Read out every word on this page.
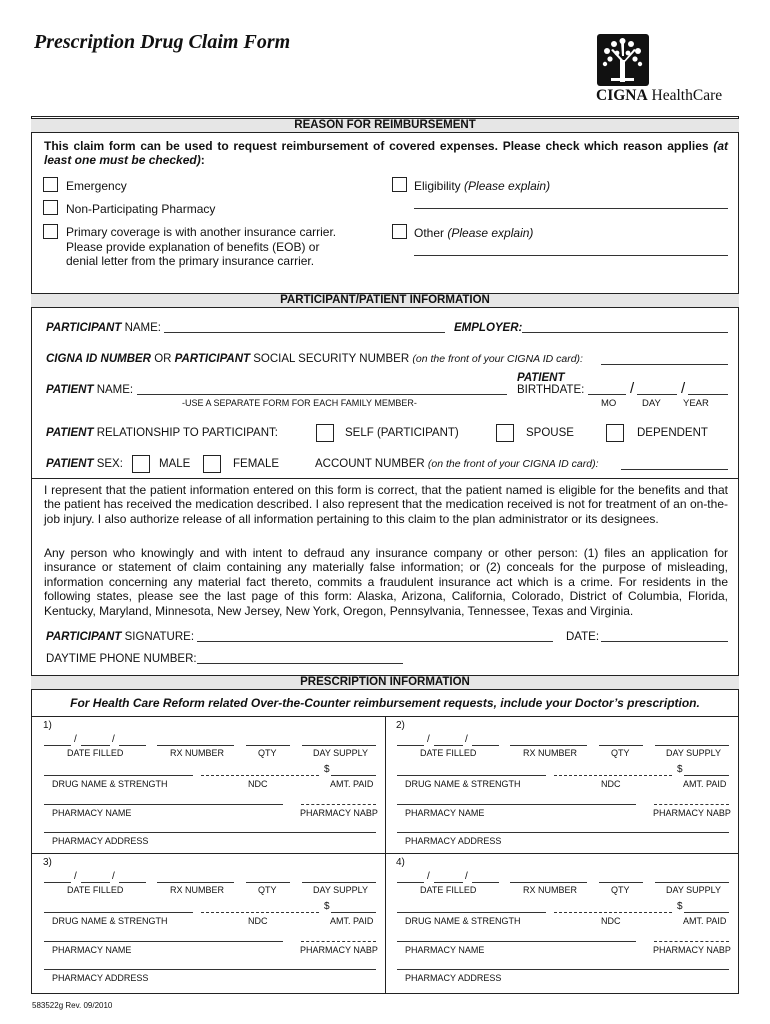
Prescription Drug Claim Form
CIGNA HealthCare
REASON FOR REIMBURSEMENT
This claim form can be used to request reimbursement of covered expenses. Please check which reason applies (at least one must be checked):
Emergency
Non-Participating Pharmacy
Primary coverage is with another insurance carrier. Please provide explanation of benefits (EOB) or denial letter from the primary insurance carrier.
Eligibility (Please explain)
Other (Please explain)
PARTICIPANT/PATIENT INFORMATION
PARTICIPANT NAME:	EMPLOYER:
CIGNA ID NUMBER OR PARTICIPANT SOCIAL SECURITY NUMBER (on the front of your CIGNA ID card):
PATIENT NAME:
-USE A SEPARATE FORM FOR EACH FAMILY MEMBER-
PATIENT
BIRTHDATE:	/	/
MO	DAY YEAR
PATIENT RELATIONSHIP TO PARTICIPANT:	SELF (PARTICIPANT)	SPOUSE	DEPENDENT
PATIENT SEX:	MALE	FEMALE	ACCOUNT NUMBER (on the front of your CIGNA ID card):
I represent that the patient information entered on this form is correct, that the patient named is eligible for the benefits and that the patient has received the medication described. I also represent that the medication received is not for treatment of an on-the-job injury. I also authorize release of all information pertaining to this claim to the plan administrator or its designees.
Any person who knowingly and with intent to defraud any insurance company or other person: (1) files an application for insurance or statement of claim containing any materially false information; or (2) conceals for the purpose of misleading, information concerning any material fact thereto, commits a fraudulent insurance act which is a crime. For residents in the following states, please see the last page of this form: Alaska, Arizona, California, Colorado, District of Columbia, Florida, Kentucky, Maryland, Minnesota, New Jersey, New York, Oregon, Pennsylvania, Tennessee, Texas and Virginia.
PARTICIPANT SIGNATURE:	DATE:
DAYTIME PHONE NUMBER:
PRESCRIPTION INFORMATION
For Health Care Reform related Over-the-Counter reimbursement requests, include your Doctor’s prescription.
1)
/	/
DATE FILLED	RX NUMBER	QTY	DAY SUPPLY
$
DRUG NAME & STRENGTH	NDC	AMT. PAID
PHARMACY NAME	PHARMACY NABP
PHARMACY ADDRESS
2)
/	/
DATE FILLED	RX NUMBER	QTY	DAY SUPPLY
$
DRUG NAME & STRENGTH	NDC	AMT. PAID
PHARMACY NAME	PHARMACY NABP
PHARMACY ADDRESS
3)
/	/
DATE FILLED	RX NUMBER	QTY	DAY SUPPLY
$
DRUG NAME & STRENGTH	NDC	AMT. PAID
PHARMACY NAME	PHARMACY NABP
PHARMACY ADDRESS
4)
/	/
DATE FILLED	RX NUMBER	QTY	DAY SUPPLY
$
DRUG NAME & STRENGTH	NDC	AMT. PAID
PHARMACY NAME	PHARMACY NABP
PHARMACY ADDRESS
583522g Rev. 09/2010
